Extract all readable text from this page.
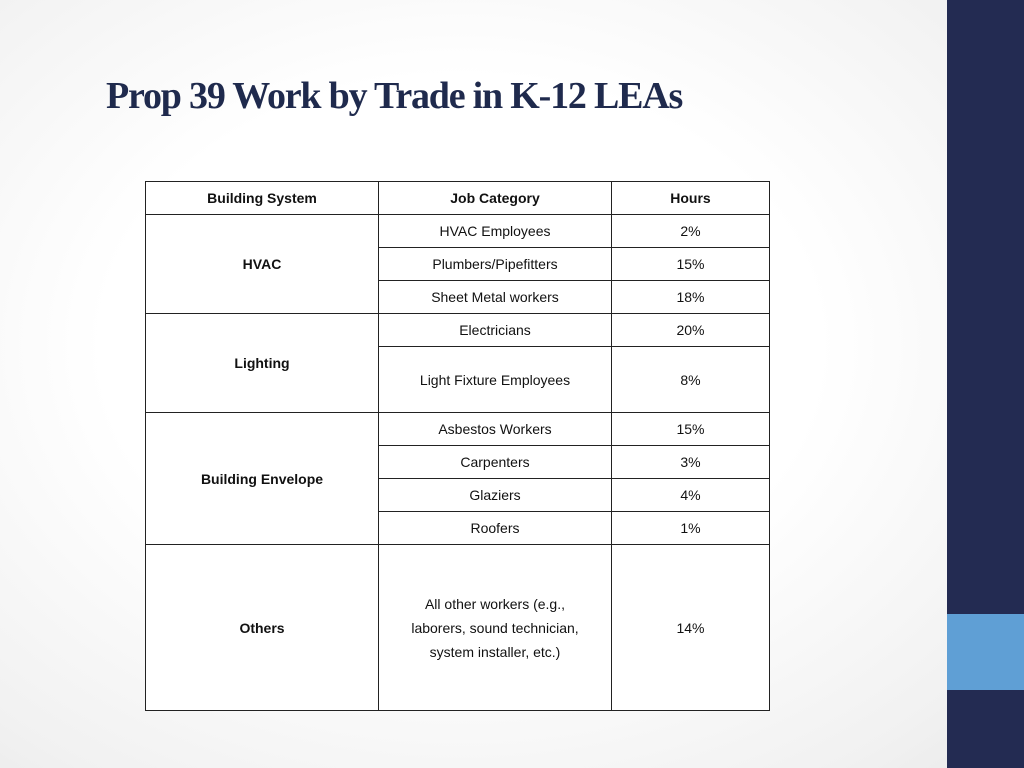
Prop 39 Work by Trade in K-12 LEAs
Building System	Job Category	Hours
HVAC	HVAC Employees	2%
	Plumbers/Pipefitters	15%
	Sheet Metal workers	18%
Lighting	Electricians	20%
	Light Fixture Employees	8%
Building Envelope	Asbestos Workers	15%
	Carpenters	3%
	Glaziers	4%
	Roofers	1%
Others	All other workers (e.g.,
laborers, sound technician,
system installer, etc.)	14%
